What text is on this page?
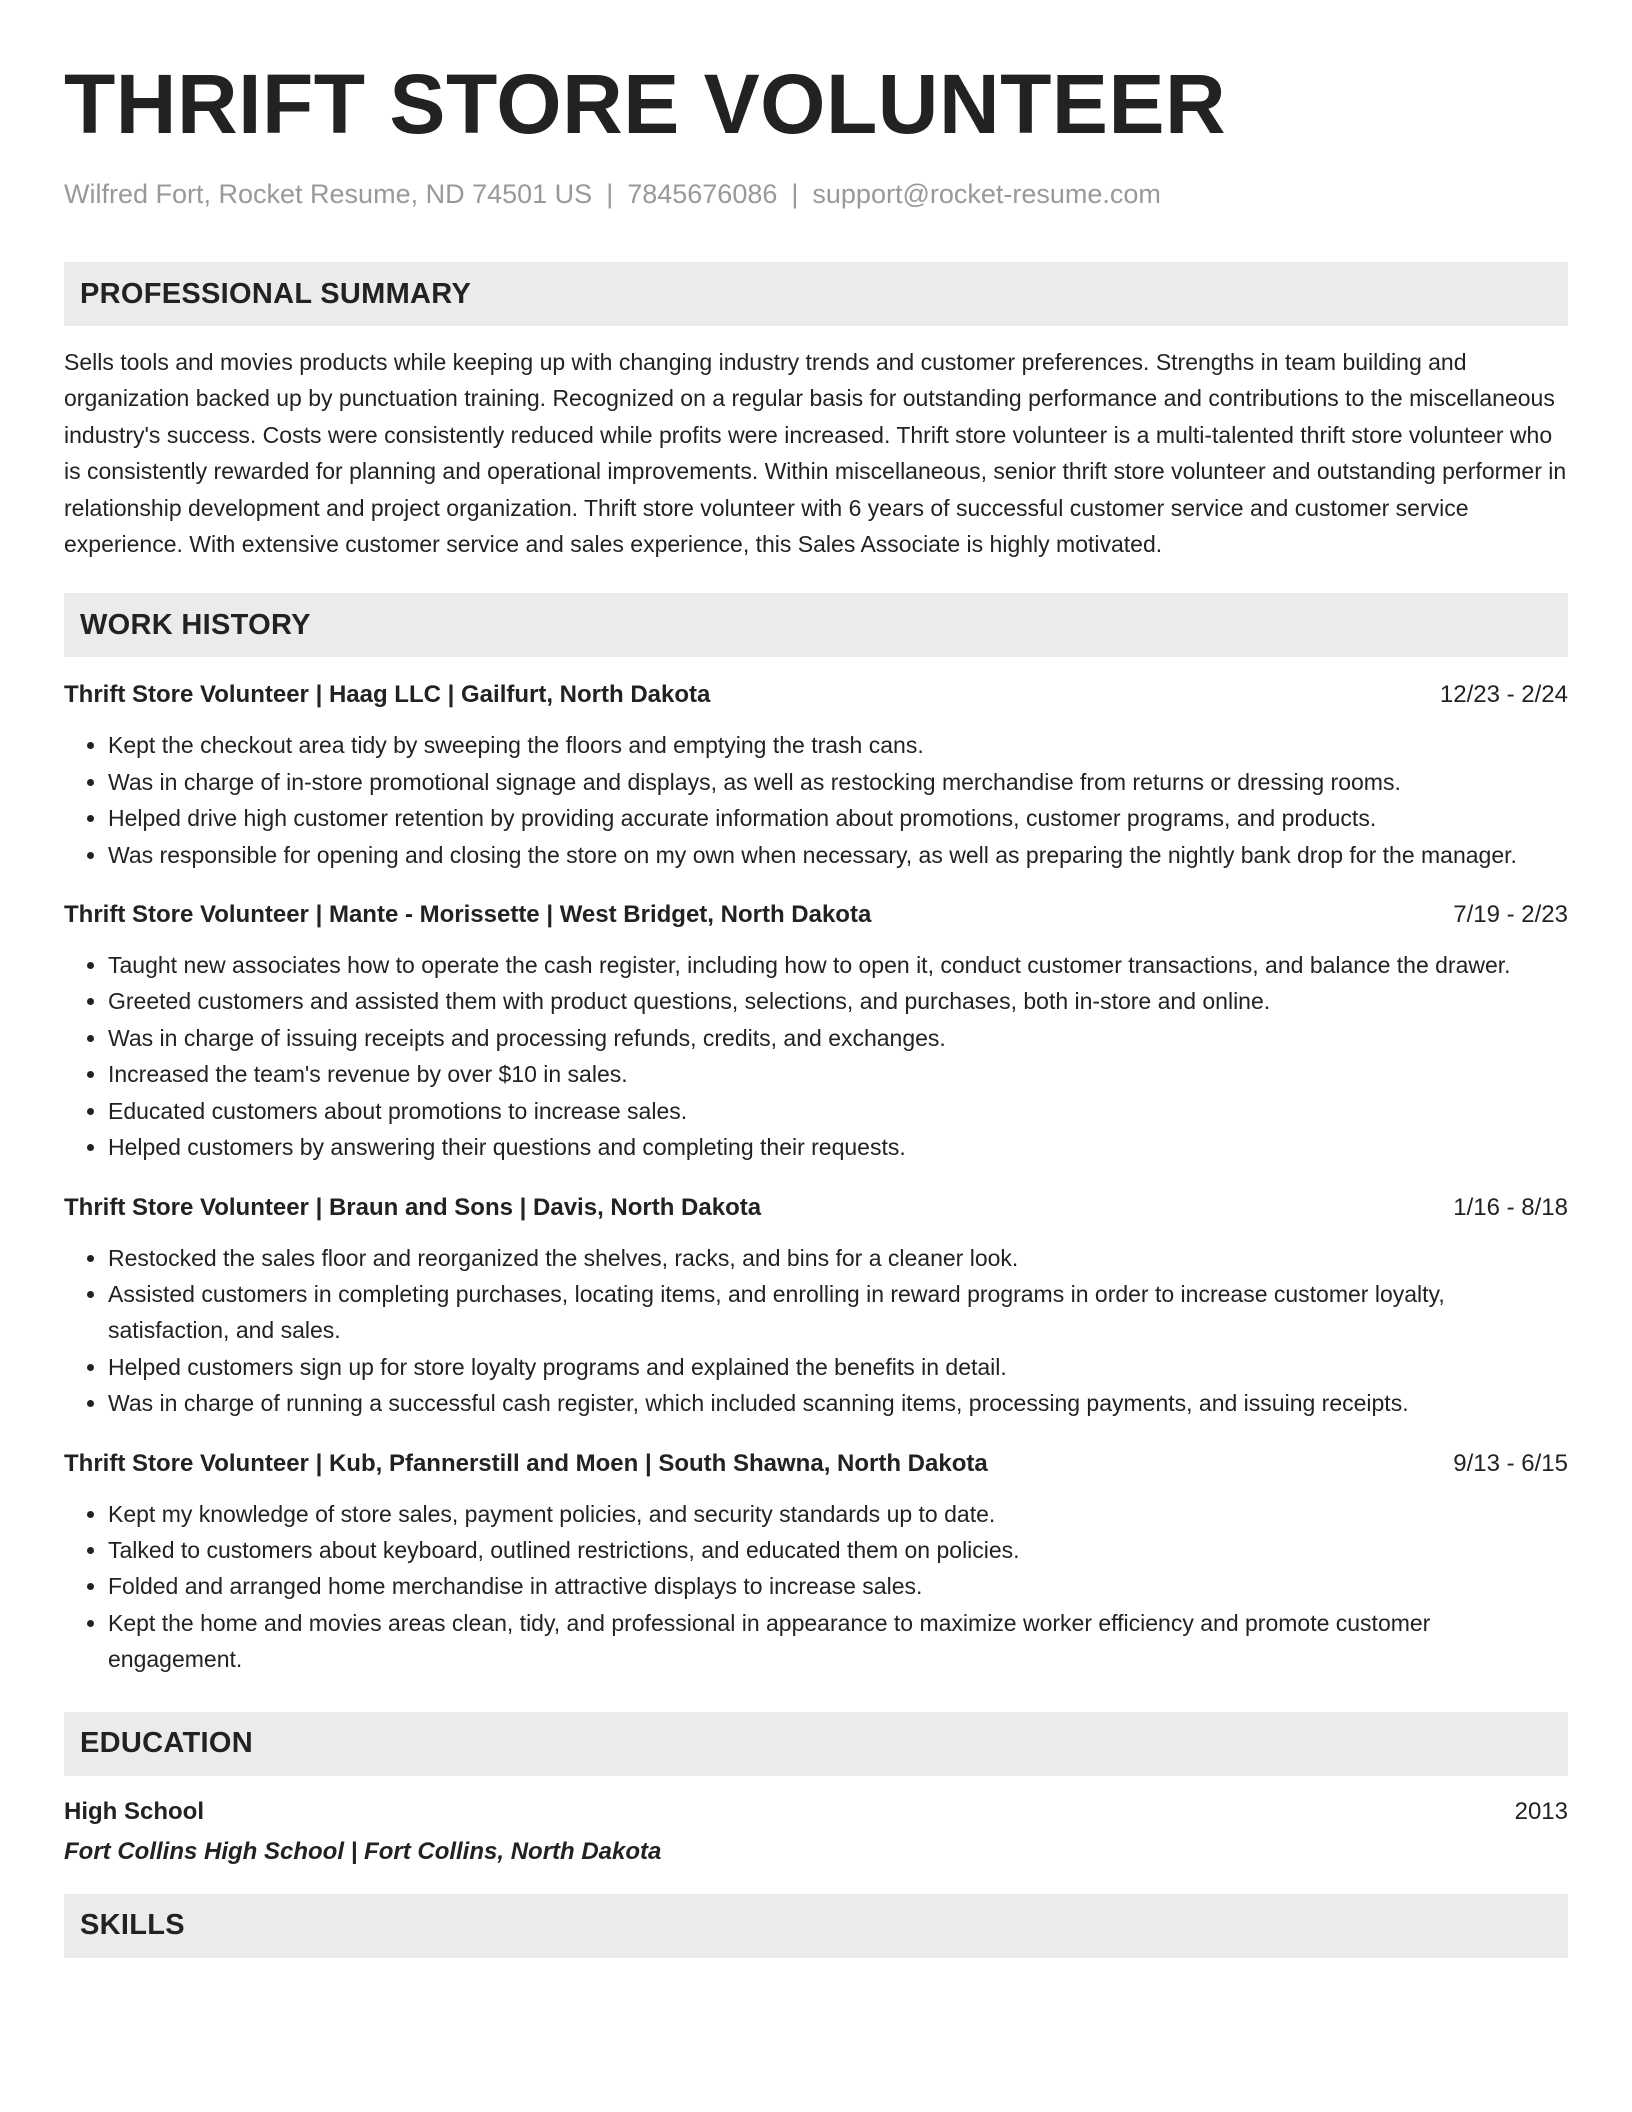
THRIFT STORE VOLUNTEER
Wilfred Fort, Rocket Resume, ND 74501 US | 7845676086 | support@rocket-resume.com
PROFESSIONAL SUMMARY
Sells tools and movies products while keeping up with changing industry trends and customer preferences. Strengths in team building and organization backed up by punctuation training. Recognized on a regular basis for outstanding performance and contributions to the miscellaneous industry's success. Costs were consistently reduced while profits were increased. Thrift store volunteer is a multi-talented thrift store volunteer who is consistently rewarded for planning and operational improvements. Within miscellaneous, senior thrift store volunteer and outstanding performer in relationship development and project organization. Thrift store volunteer with 6 years of successful customer service and customer service experience. With extensive customer service and sales experience, this Sales Associate is highly motivated.
WORK HISTORY
Thrift Store Volunteer | Haag LLC | Gailfurt, North Dakota	12/23 - 2/24
• Kept the checkout area tidy by sweeping the floors and emptying the trash cans.
• Was in charge of in-store promotional signage and displays, as well as restocking merchandise from returns or dressing rooms.
• Helped drive high customer retention by providing accurate information about promotions, customer programs, and products.
• Was responsible for opening and closing the store on my own when necessary, as well as preparing the nightly bank drop for the manager.
Thrift Store Volunteer | Mante - Morissette | West Bridget, North Dakota	7/19 - 2/23
• Taught new associates how to operate the cash register, including how to open it, conduct customer transactions, and balance the drawer.
• Greeted customers and assisted them with product questions, selections, and purchases, both in-store and online.
• Was in charge of issuing receipts and processing refunds, credits, and exchanges.
• Increased the team's revenue by over $10 in sales.
• Educated customers about promotions to increase sales.
• Helped customers by answering their questions and completing their requests.
Thrift Store Volunteer | Braun and Sons | Davis, North Dakota	1/16 - 8/18
• Restocked the sales floor and reorganized the shelves, racks, and bins for a cleaner look.
• Assisted customers in completing purchases, locating items, and enrolling in reward programs in order to increase customer loyalty, satisfaction, and sales.
• Helped customers sign up for store loyalty programs and explained the benefits in detail.
• Was in charge of running a successful cash register, which included scanning items, processing payments, and issuing receipts.
Thrift Store Volunteer | Kub, Pfannerstill and Moen | South Shawna, North Dakota	9/13 - 6/15
• Kept my knowledge of store sales, payment policies, and security standards up to date.
• Talked to customers about keyboard, outlined restrictions, and educated them on policies.
• Folded and arranged home merchandise in attractive displays to increase sales.
• Kept the home and movies areas clean, tidy, and professional in appearance to maximize worker efficiency and promote customer engagement.
EDUCATION
High School	2013
Fort Collins High School | Fort Collins, North Dakota
SKILLS
